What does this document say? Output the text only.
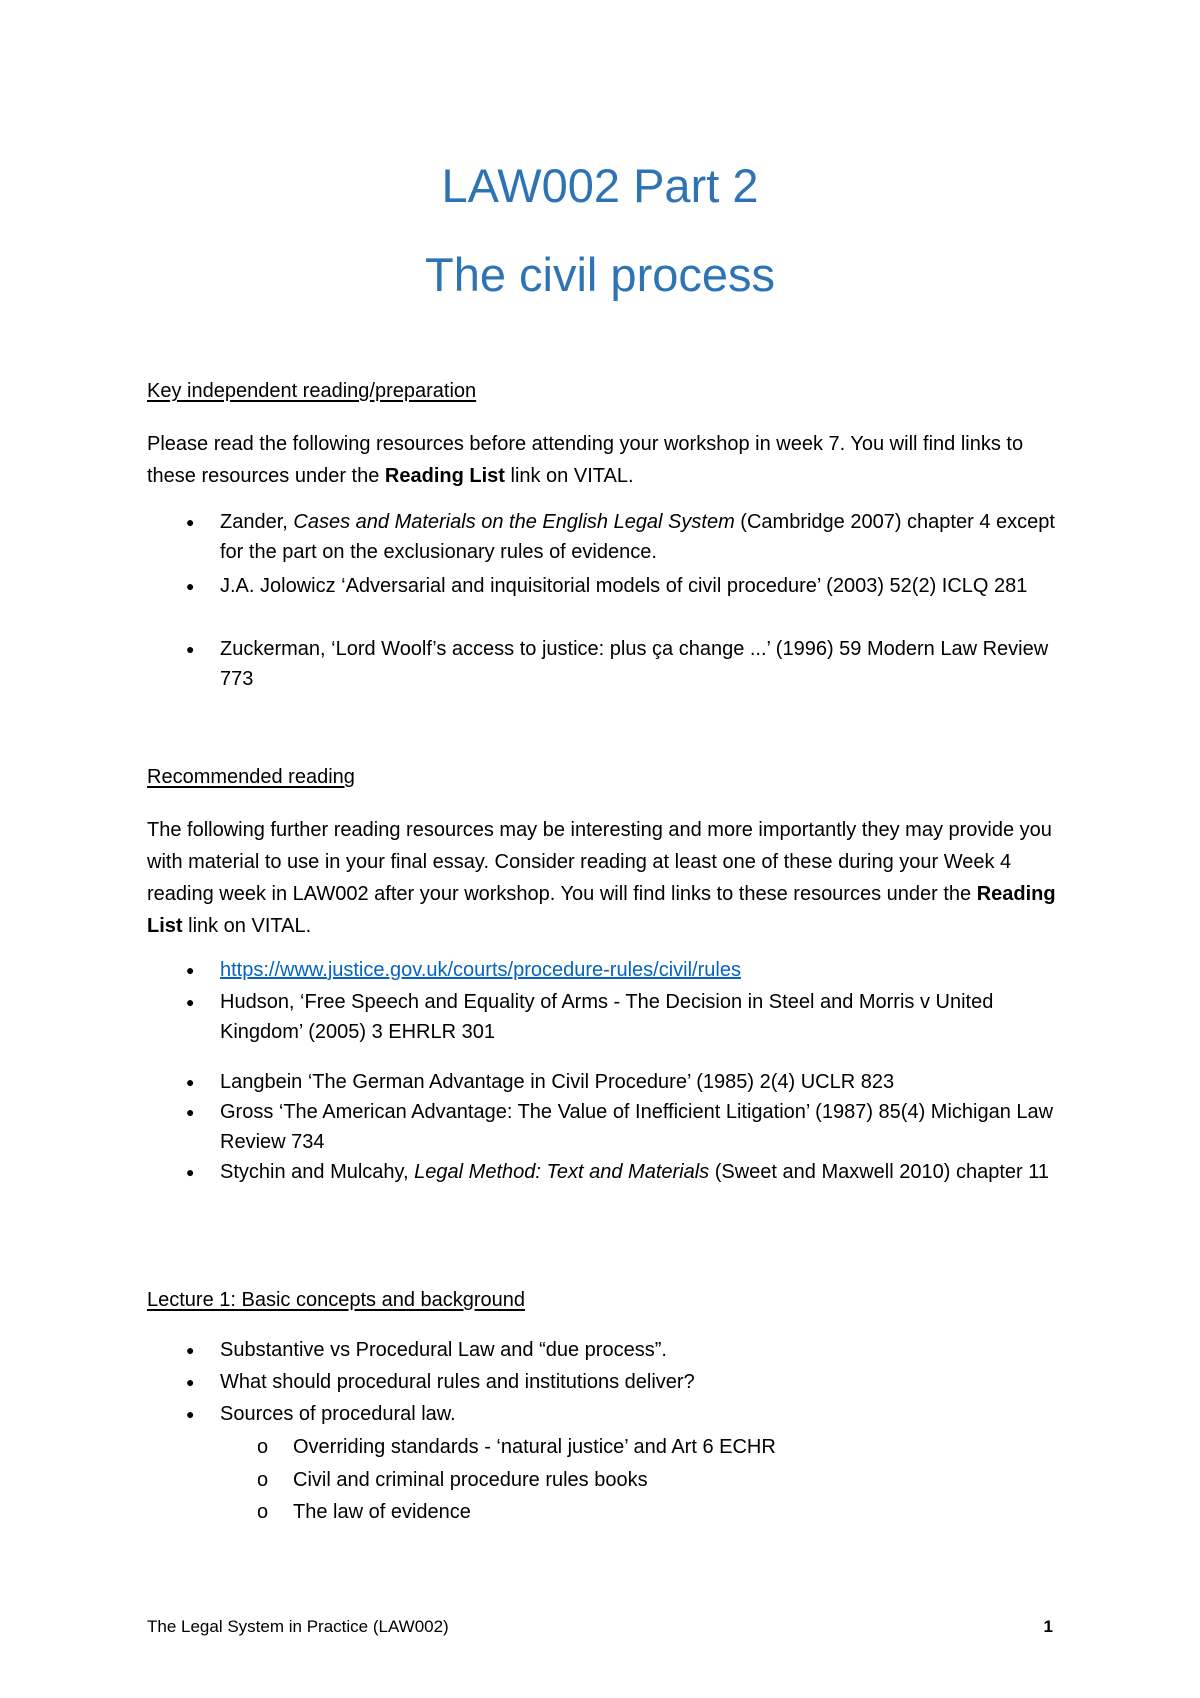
LAW002 Part 2
The civil process
Key independent reading/preparation

Please read the following resources before attending your workshop in week 7. You will find links to these resources under the Reading List link on VITAL.

● Zander, Cases and Materials on the English Legal System (Cambridge 2007) chapter 4 except for the part on the exclusionary rules of evidence.
● J.A. Jolowicz ‘Adversarial and inquisitorial models of civil procedure’ (2003) 52(2) ICLQ 281
● Zuckerman, ‘Lord Woolf’s access to justice: plus ça change ...’ (1996) 59 Modern Law Review 773
Recommended reading

The following further reading resources may be interesting and more importantly they may provide you with material to use in your final essay. Consider reading at least one of these during your Week 4 reading week in LAW002 after your workshop. You will find links to these resources under the Reading List link on VITAL.

● https://www.justice.gov.uk/courts/procedure-rules/civil/rules
● Hudson, ‘Free Speech and Equality of Arms - The Decision in Steel and Morris v United Kingdom’ (2005) 3 EHRLR 301
● Langbein ‘The German Advantage in Civil Procedure’ (1985) 2(4) UCLR 823
● Gross ‘The American Advantage: The Value of Inefficient Litigation’ (1987) 85(4) Michigan Law Review 734
● Stychin and Mulcahy, Legal Method: Text and Materials (Sweet and Maxwell 2010) chapter 11
Lecture 1: Basic concepts and background
● Substantive vs Procedural Law and “due process”.
● What should procedural rules and institutions deliver?
● Sources of procedural law.
o Overriding standards - ‘natural justice’ and Art 6 ECHR
o Civil and criminal procedure rules books
o The law of evidence
The Legal System in Practice (LAW002)	1
